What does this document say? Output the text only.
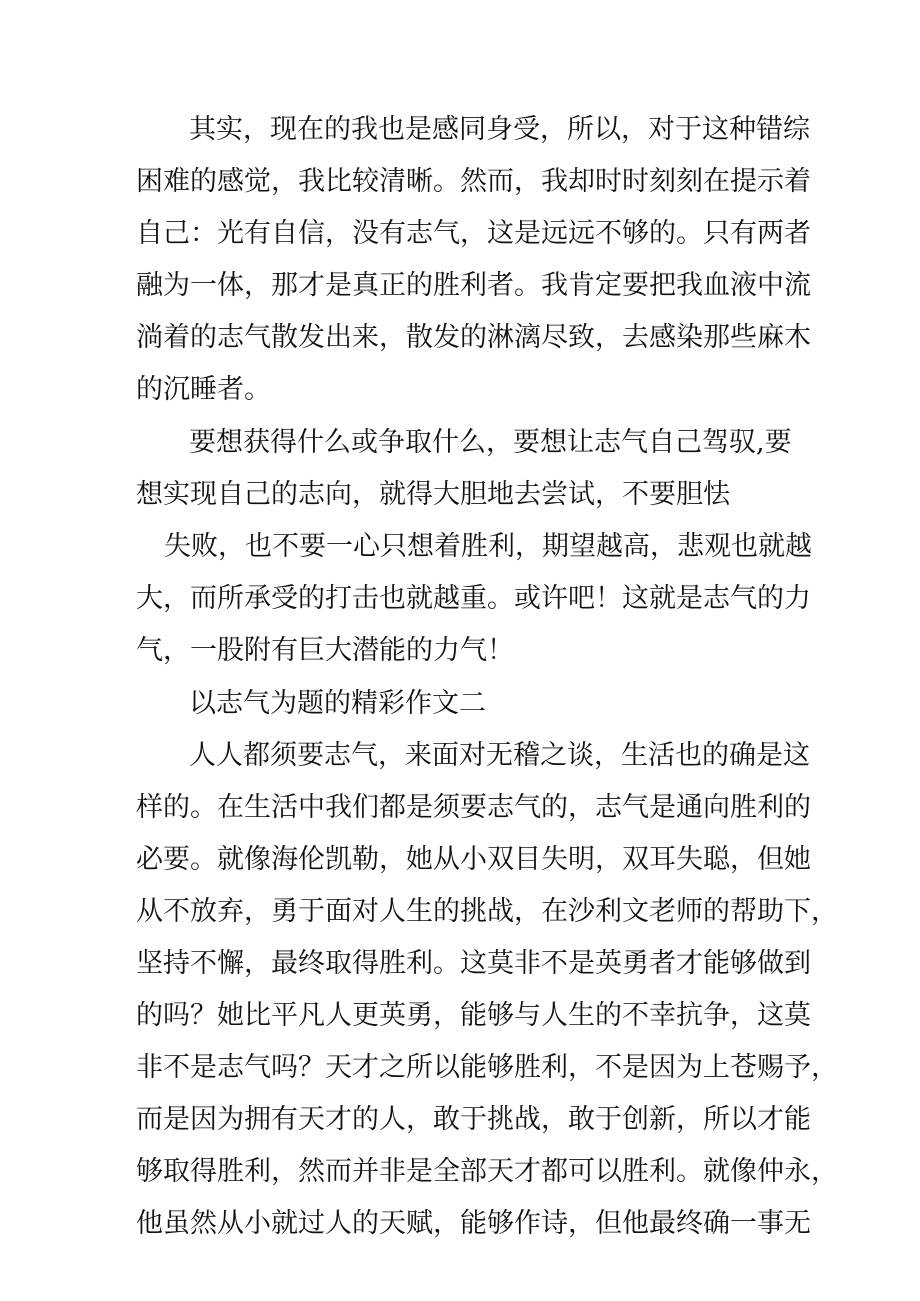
其实，现在的我也是感同身受，所以，对于这种错综
困难的感觉，我比较清晰。然而，我却时时刻刻在提示着
自己：光有自信，没有志气，这是远远不够的。只有两者
融为一体，那才是真正的胜利者。我肯定要把我血液中流
淌着的志气散发出来，散发的淋漓尽致，去感染那些麻木
的沉睡者。
要想获得什么或争取什么，要想让志气自己驾驭,要
想实现自己的志向，就得大胆地去尝试，不要胆怯
失败，也不要一心只想着胜利，期望越高，悲观也就越
大，而所承受的打击也就越重。或许吧！这就是志气的力
气，一股附有巨大潜能的力气！
以志气为题的精彩作文二
人人都须要志气，来面对无稽之谈，生活也的确是这
样的。在生活中我们都是须要志气的，志气是通向胜利的
必要。就像海伦凯勒，她从小双目失明，双耳失聪，但她
从不放弃，勇于面对人生的挑战，在沙利文老师的帮助下，
坚持不懈，最终取得胜利。这莫非不是英勇者才能够做到
的吗？她比平凡人更英勇，能够与人生的不幸抗争，这莫
非不是志气吗？天才之所以能够胜利，不是因为上苍赐予，
而是因为拥有天才的人，敢于挑战，敢于创新，所以才能
够取得胜利，然而并非是全部天才都可以胜利。就像仲永，
他虽然从小就过人的天赋，能够作诗，但他最终确一事无
